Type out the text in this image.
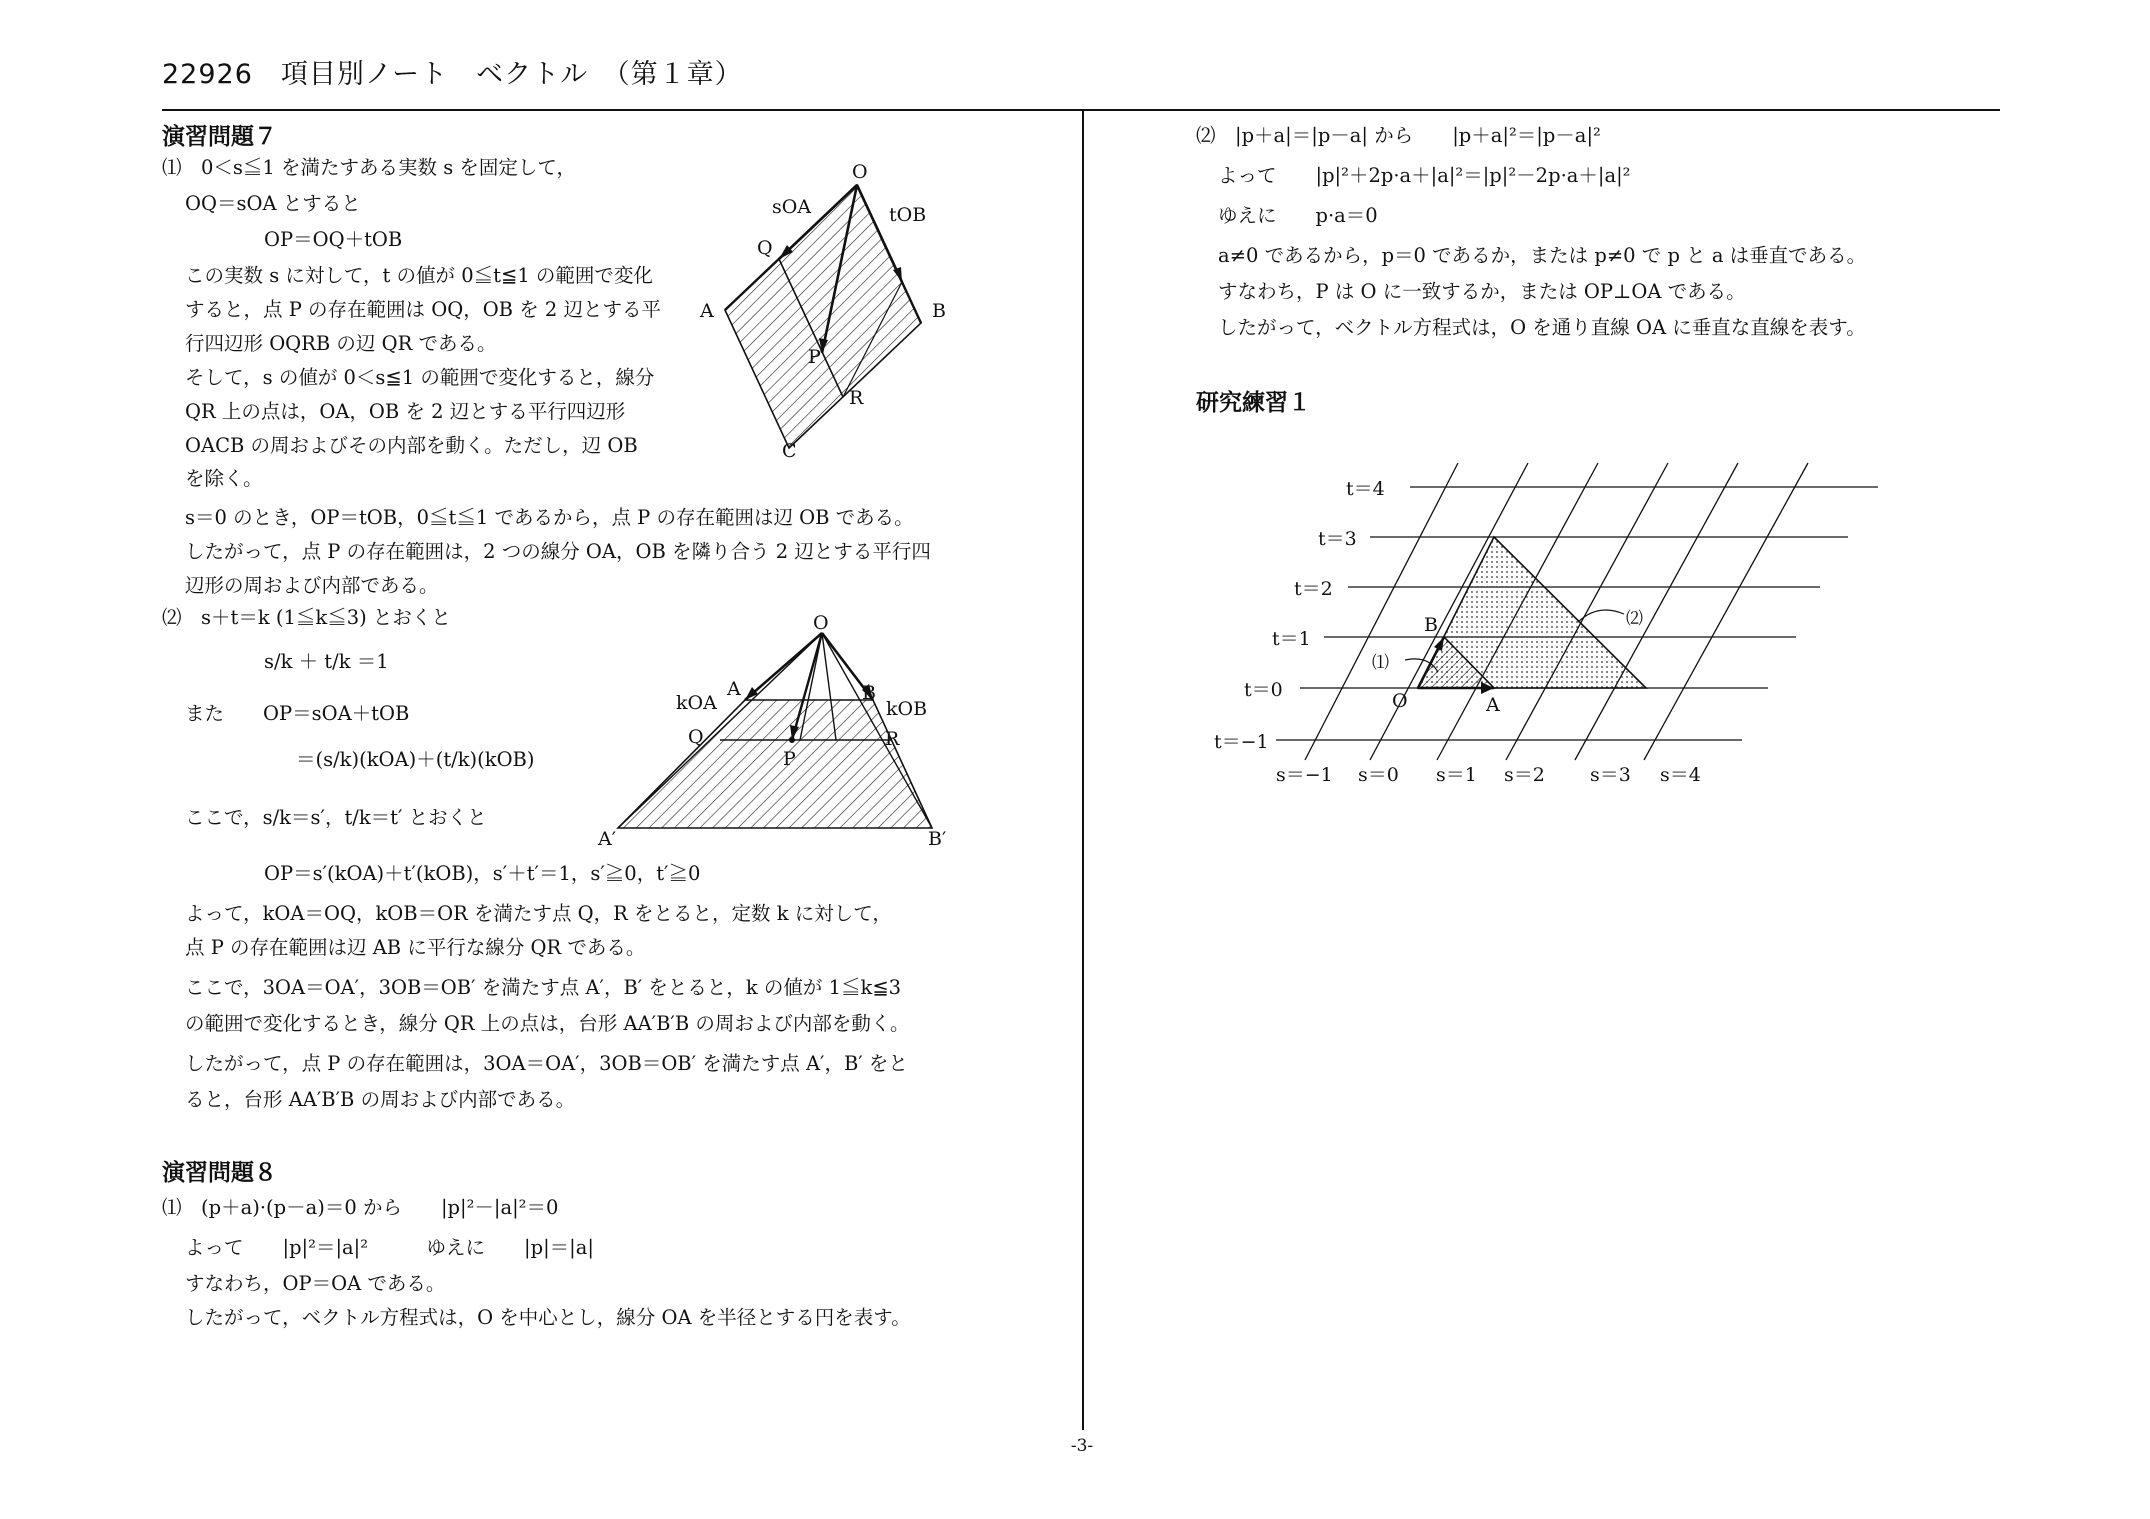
22926　項目別ノート　ベクトル　（第１章）
-3-
演習問題７
⑴　0＜s≦1 を満たすある実数 s を固定して，
OQ＝sOA とすると
OP＝OQ＋tOB
この実数 s に対して，t の値が 0≦t≦1 の範囲で変化
すると，点 P の存在範囲は OQ，OB を 2 辺とする平
行四辺形 OQRB の辺 QR である。
そして，s の値が 0＜s≦1 の範囲で変化すると，線分
QR 上の点は，OA，OB を 2 辺とする平行四辺形
OACB の周およびその内部を動く。ただし，辺 OB
を除く。
s＝0 のとき，OP＝tOB，0≦t≦1 であるから，点 P の存在範囲は辺 OB である。
したがって，点 P の存在範囲は，2 つの線分 OA，OB を隣り合う 2 辺とする平行四
辺形の周および内部である。
O
sOA	tOB
Q
A	B
P
R
C
⑵　s＋t＝k (1≦k≦3) とおくと
s/k ＋ t/k ＝1
また　　OP＝sOA＋tOB
＝(s/k)(kOA)＋(t/k)(kOB)
ここで，s/k＝s′，t/k＝t′ とおくと
OP＝s′(kOA)＋t′(kOB)，s′＋t′＝1，s′≧0，t′≧0
よって，kOA＝OQ，kOB＝OR を満たす点 Q，R をとると，定数 k に対して，
点 P の存在範囲は辺 AB に平行な線分 QR である。
ここで，3OA＝OA′，3OB＝OB′ を満たす点 A′，B′ をとると，k の値が 1≦k≦3
の範囲で変化するとき，線分 QR 上の点は，台形 AA′B′B の周および内部を動く。
したがって，点 P の存在範囲は，3OA＝OA′，3OB＝OB′ を満たす点 A′，B′ をと
ると，台形 AA′B′B の周および内部である。
O
kOA
A	B
kOB
Q
P
R
A′	B′
演習問題８
⑴　(p＋a)·(p－a)＝0 から　　|p|²－|a|²＝0
よって　　|p|²＝|a|²　　　ゆえに　　|p|＝|a|
すなわち，OP＝OA である。
したがって，ベクトル方程式は，O を中心とし，線分 OA を半径とする円を表す。
⑵　|p＋a|＝|p－a| から　　|p＋a|²＝|p－a|²
よって　　|p|²＋2p·a＋|a|²＝|p|²－2p·a＋|a|²
ゆえに　　p·a＝0
a≠0 であるから，p＝0 であるか，または p≠0 で p と a は垂直である。
すなわち，P は O に一致するか，または OP⊥OA である。
したがって，ベクトル方程式は，O を通り直線 OA に垂直な直線を表す。
研究練習１
t＝4
t＝3
t＝2
t＝1
t＝0
t＝−1
s＝−1 s＝0 s＝1 s＝2 s＝3 s＝4
B
O	A
⑴
⑵
